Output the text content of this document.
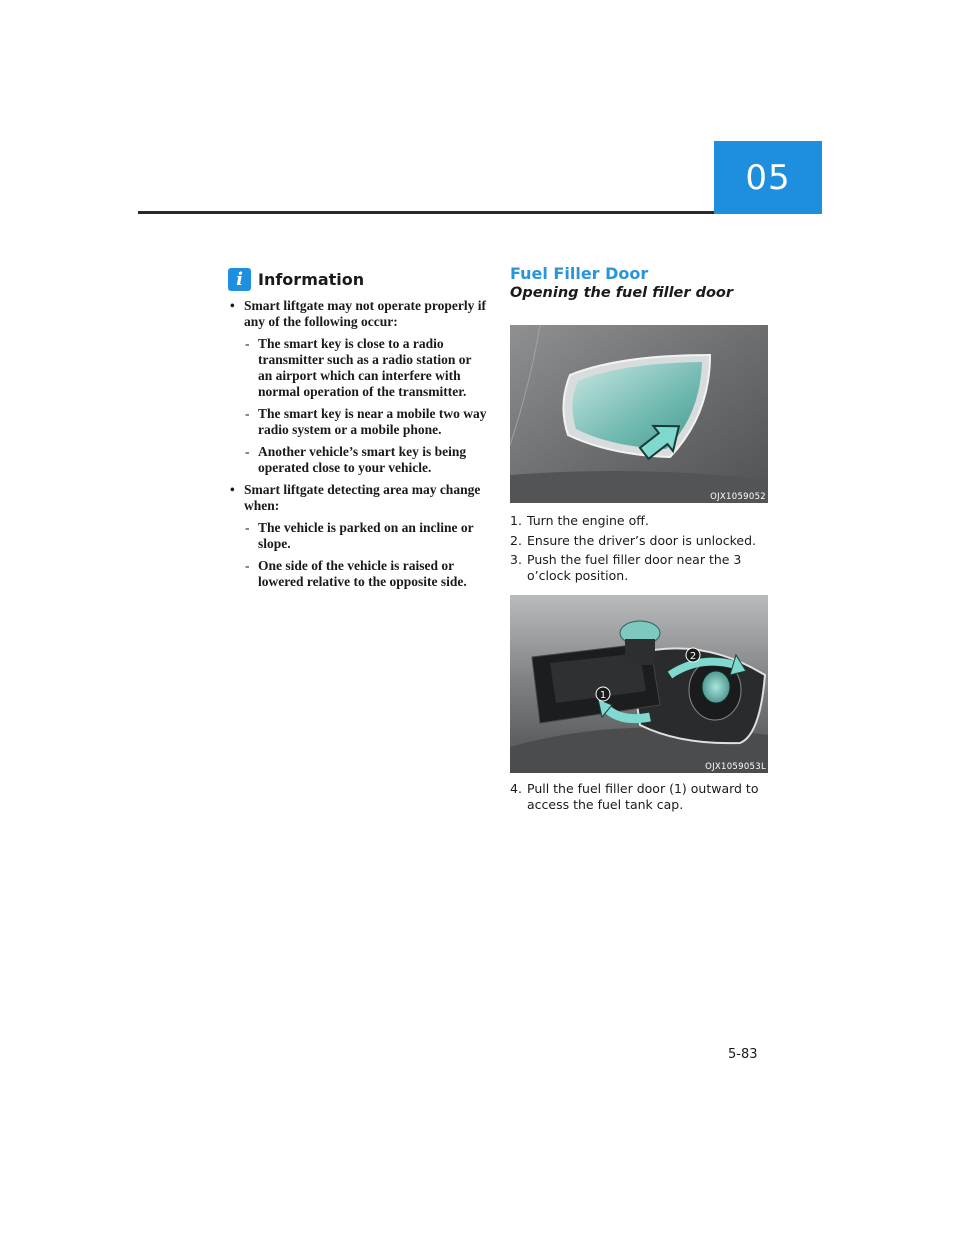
05
i Information
• Smart liftgate may not operate properly if any of the following occur:
- The smart key is close to a radio transmitter such as a radio station or an airport which can interfere with normal operation of the transmitter.
- The smart key is near a mobile two way radio system or a mobile phone.
- Another vehicle’s smart key is being operated close to your vehicle.
• Smart liftgate detecting area may change when:
- The vehicle is parked on an incline or slope.
- One side of the vehicle is raised or lowered relative to the opposite side.
Fuel Filler Door
Opening the fuel filler door
OJX1059052
1. Turn the engine off.
2. Ensure the driver’s door is unlocked.
3. Push the fuel filler door near the 3 o’clock position.
1
2
OJX1059053L
4. Pull the fuel filler door (1) outward to access the fuel tank cap.
5-83
